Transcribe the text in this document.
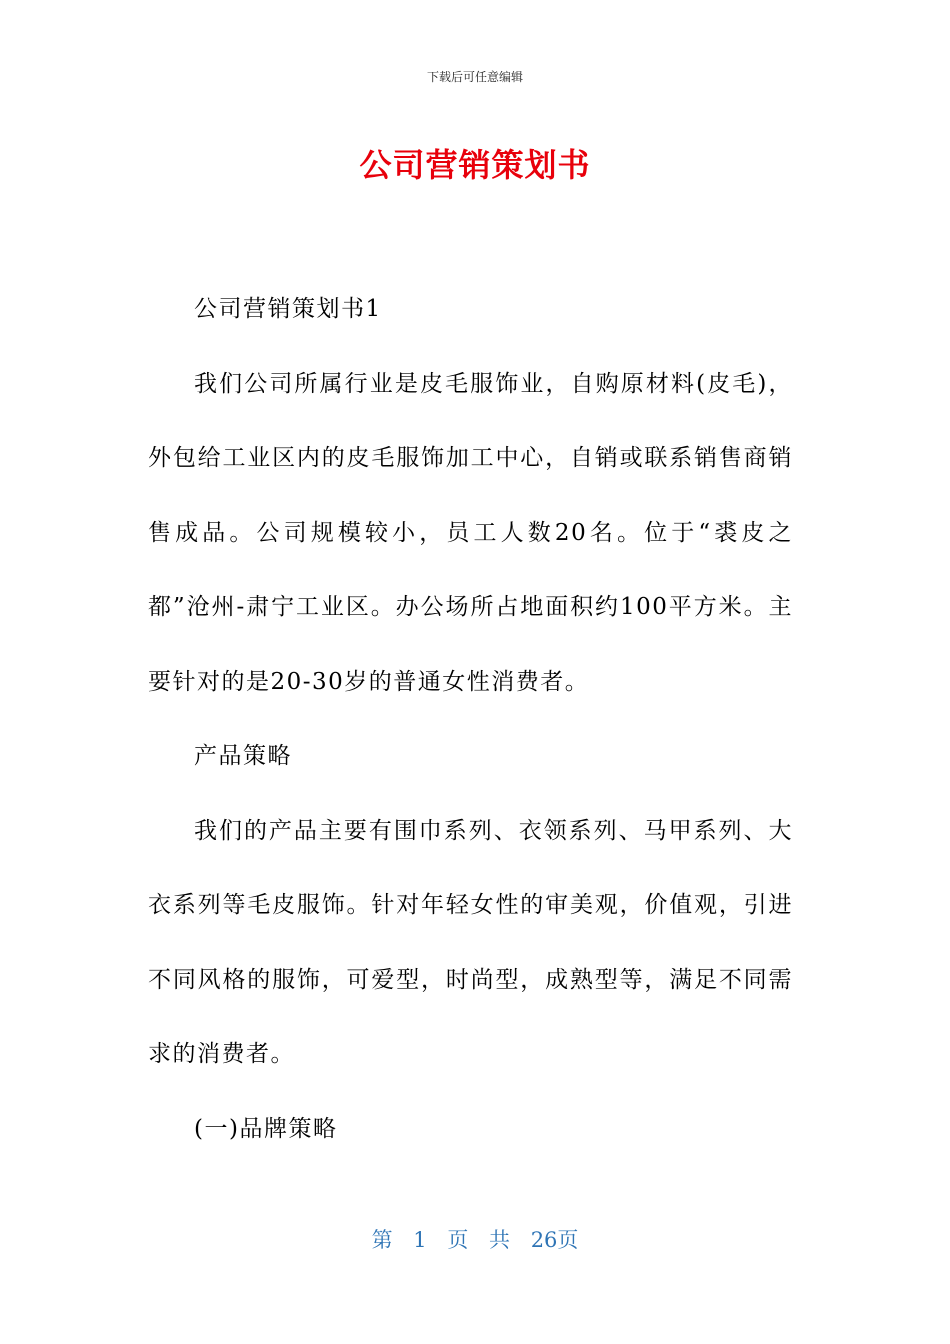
下载后可任意编辑
公司营销策划书

公司营销策划书1

我们公司所属行业是皮毛服饰业，自购原材料(皮毛)，外包给工业区内的皮毛服饰加工中心，自销或联系销售商销售成品。公司规模较小，员工人数20名。位于“裘皮之都”沧州-肃宁工业区。办公场所占地面积约100平方米。主要针对的是20-30岁的普通女性消费者。

产品策略

我们的产品主要有围巾系列、衣领系列、马甲系列、大衣系列等毛皮服饰。针对年轻女性的审美观，价值观，引进不同风格的服饰，可爱型，时尚型，成熟型等，满足不同需求的消费者。

(一)品牌策略

第 1 页 共 26页
